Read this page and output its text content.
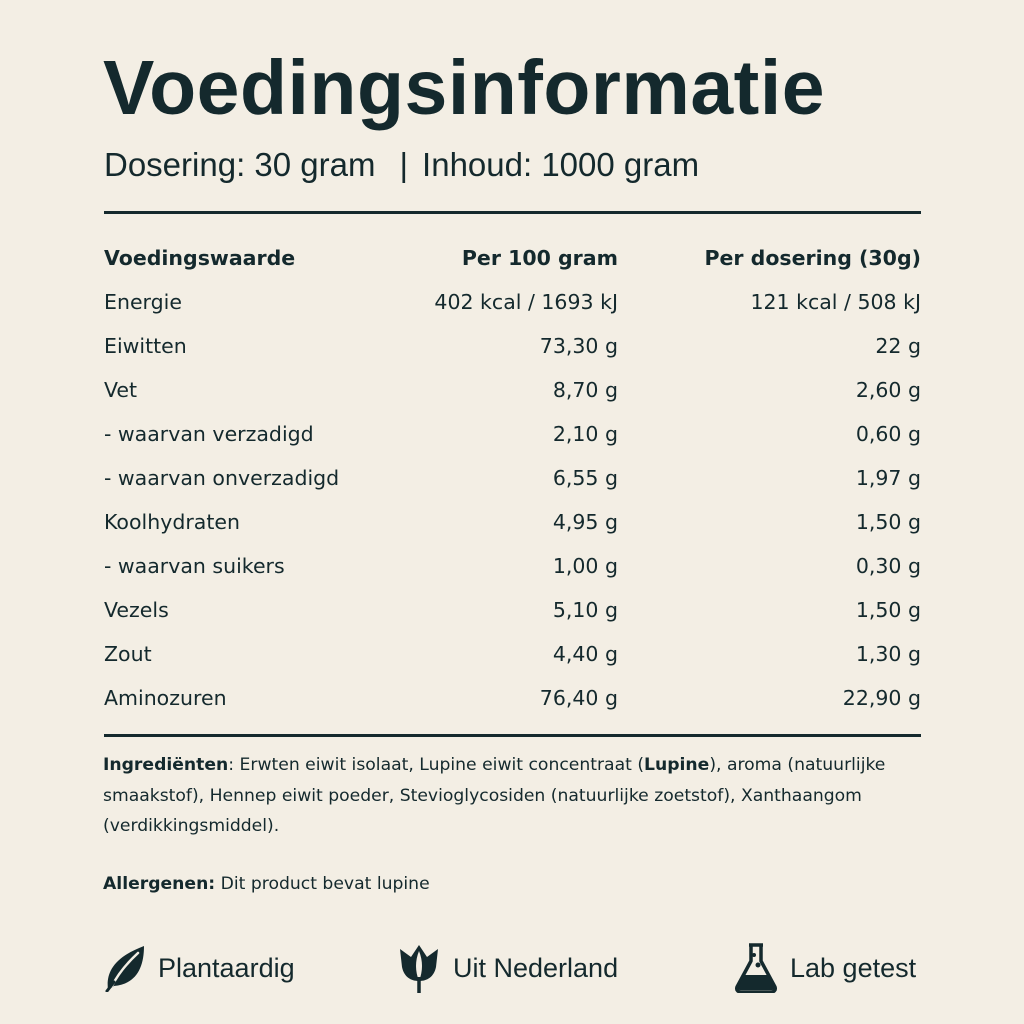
Voedingsinformatie
Dosering: 30 gram | Inhoud: 1000 gram
Voedingswaarde	Per 100 gram	Per dosering (30g)
Energie	402 kcal / 1693 kJ	121 kcal / 508 kJ
Eiwitten	73,30 g	22 g
Vet	8,70 g	2,60 g
- waarvan verzadigd	2,10 g	0,60 g
- waarvan onverzadigd	6,55 g	1,97 g
Koolhydraten	4,95 g	1,50 g
- waarvan suikers	1,00 g	0,30 g
Vezels	5,10 g	1,50 g
Zout	4,40 g	1,30 g
Aminozuren	76,40 g	22,90 g
Ingrediënten: Erwten eiwit isolaat, Lupine eiwit concentraat (Lupine), aroma (natuurlijke smaakstof), Hennep eiwit poeder, Stevioglycosiden (natuurlijke zoetstof), Xanthaangom (verdikkingsmiddel).
Allergenen: Dit product bevat lupine
Plantaardig	Uit Nederland	Lab getest
